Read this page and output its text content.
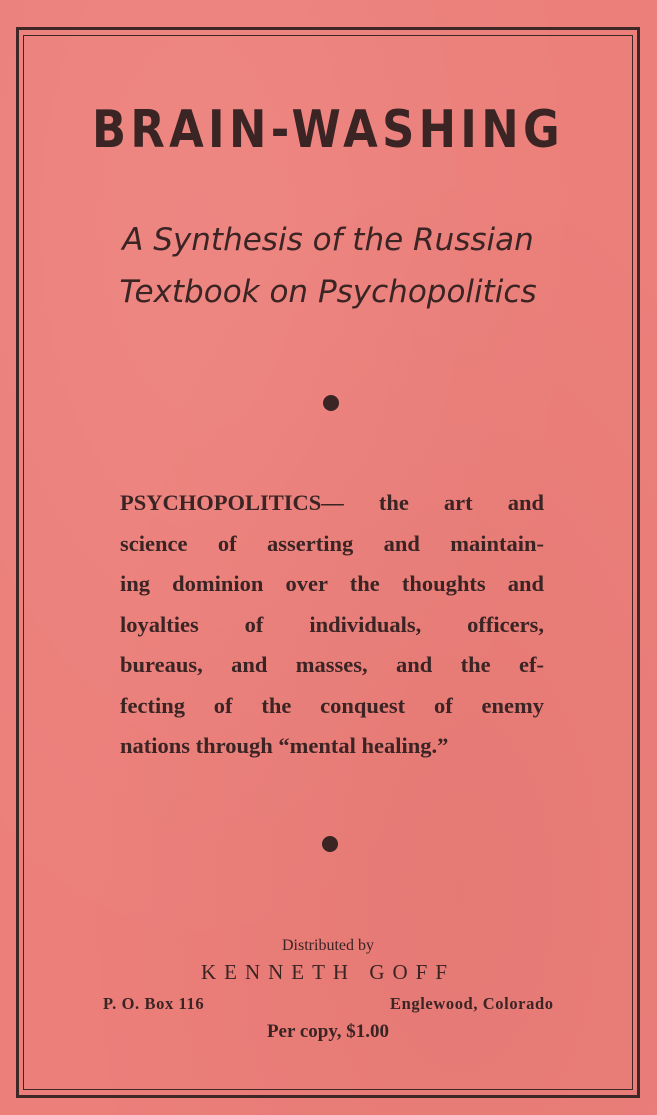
BRAIN-WASHING
A Synthesis of the Russian
Textbook on Psychopolitics
PSYCHOPOLITICS— the art and
science of asserting and maintain-
ing dominion over the thoughts and
loyalties of individuals, officers,
bureaus, and masses, and the ef-
fecting of the conquest of enemy
nations through “mental healing.”
Distributed by
KENNETH GOFF
P. O. Box 116	Englewood, Colorado
Per copy, $1.00
